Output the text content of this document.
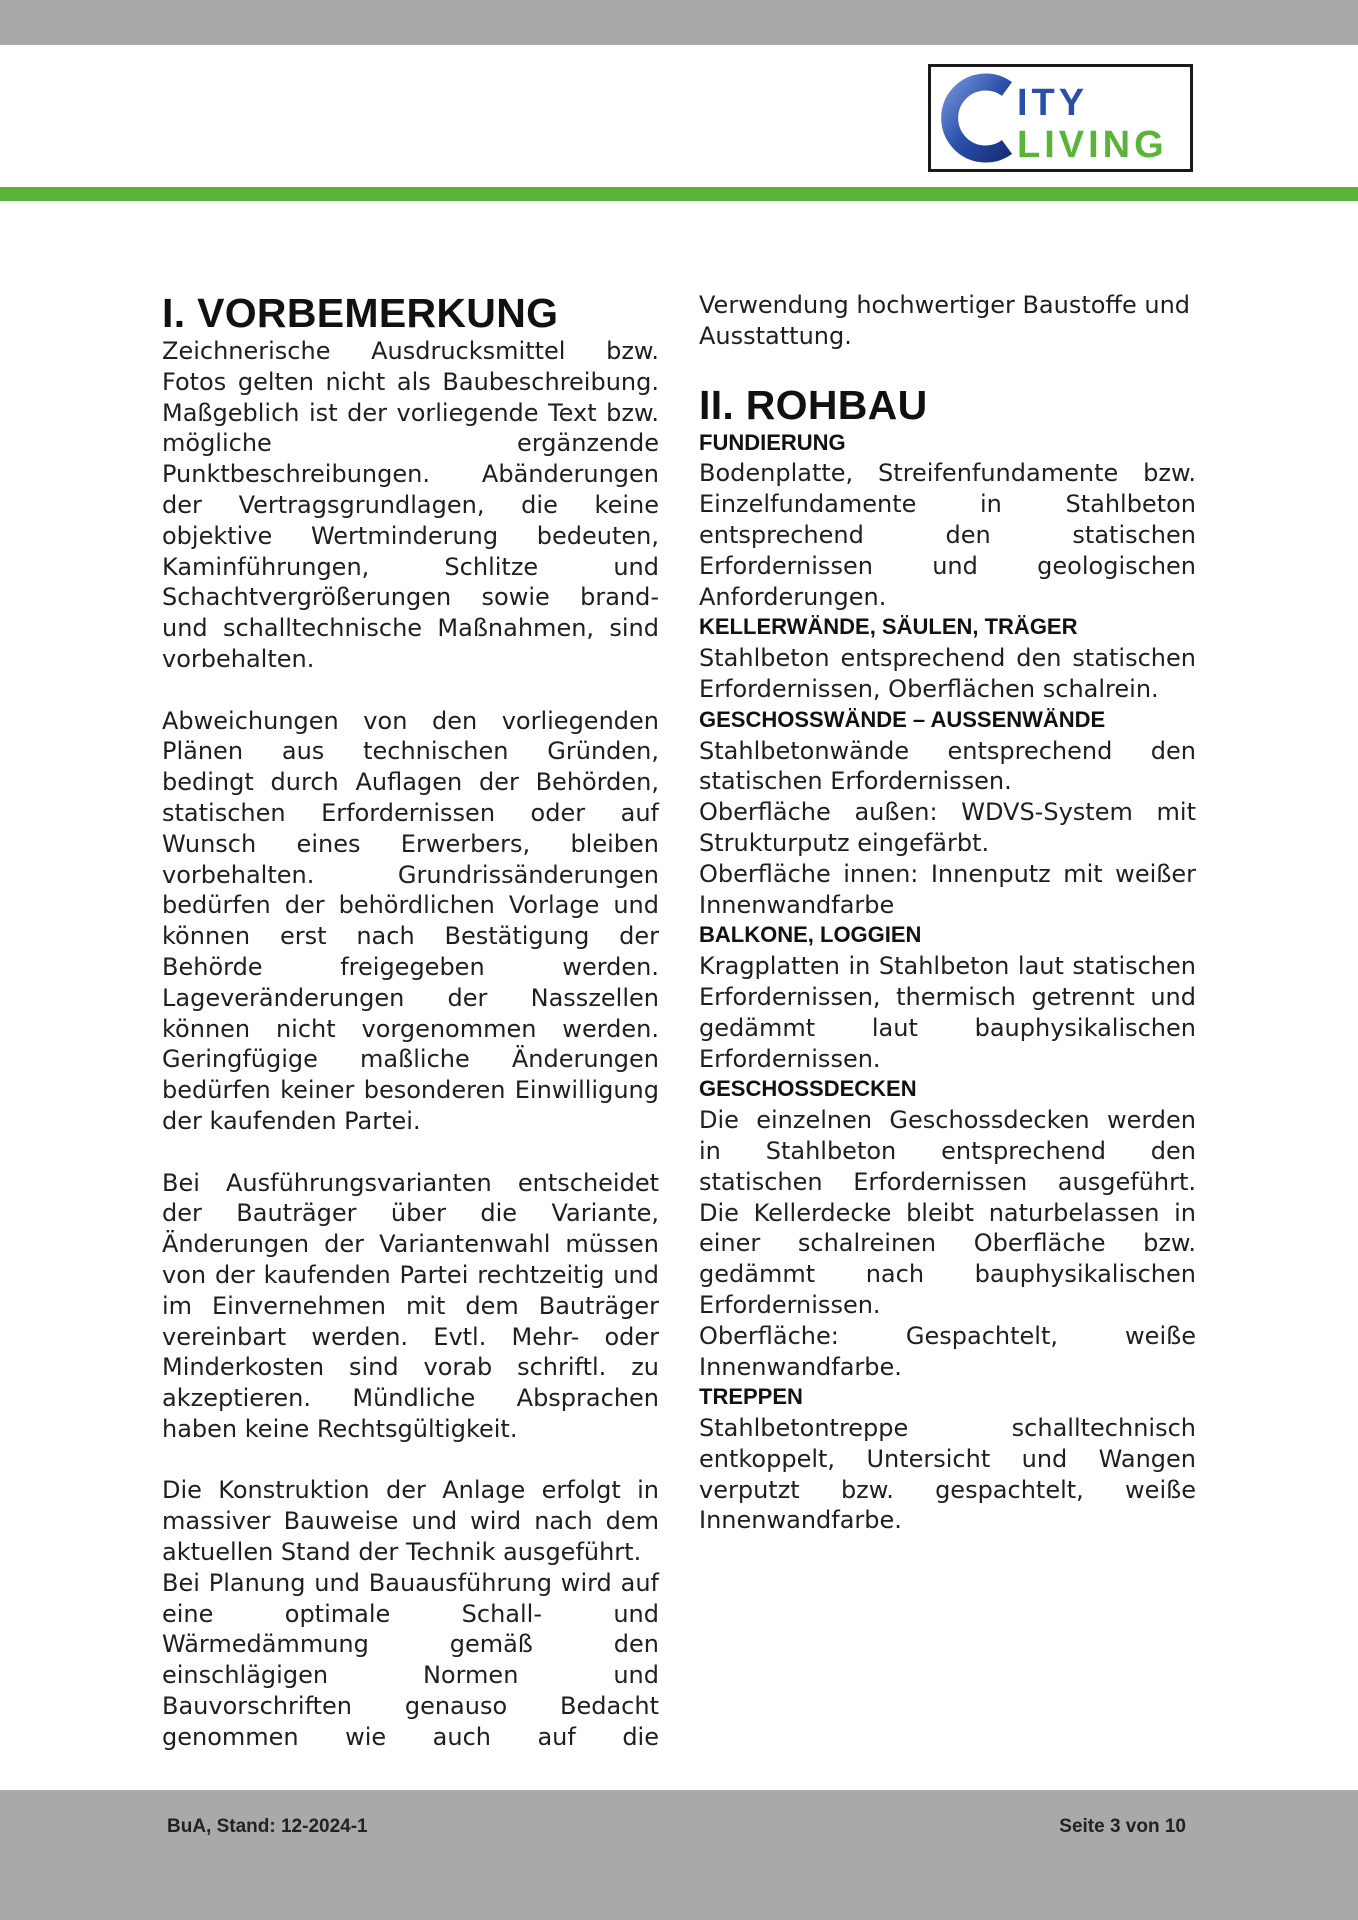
ITY
LIVING
I. VORBEMERKUNG

Zeichnerische Ausdrucksmittel bzw. Fotos gelten nicht als Baubeschreibung. Maßgeblich ist der vorliegende Text bzw. mögliche ergänzende Punktbeschreibungen. Abänderungen der Vertragsgrundlagen, die keine objektive Wertminderung bedeuten, Kaminführungen, Schlitze und Schachtvergrößerungen sowie brand- und schalltechnische Maßnahmen, sind vorbehalten.

Abweichungen von den vorliegenden Plänen aus technischen Gründen, bedingt durch Auflagen der Behörden, statischen Erfordernissen oder auf Wunsch eines Erwerbers, bleiben vorbehalten. Grundrissänderungen bedürfen der behördlichen Vorlage und können erst nach Bestätigung der Behörde freigegeben werden. Lageveränderungen der Nasszellen können nicht vorgenommen werden. Geringfügige maßliche Änderungen bedürfen keiner besonderen Einwilligung der kaufenden Partei.

Bei Ausführungsvarianten entscheidet der Bauträger über die Variante, Änderungen der Variantenwahl müssen von der kaufenden Partei rechtzeitig und im Einvernehmen mit dem Bauträger vereinbart werden. Evtl. Mehr- oder Minderkosten sind vorab schriftl. zu akzeptieren. Mündliche Absprachen haben keine Rechtsgültigkeit.

Die Konstruktion der Anlage erfolgt in massiver Bauweise und wird nach dem aktuellen Stand der Technik ausgeführt.

Bei Planung und Bauausführung wird auf eine optimale Schall- und Wärmedämmung gemäß den einschlägigen Normen und Bauvorschriften genauso Bedacht genommen wie auch auf die

Verwendung hochwertiger Baustoffe und Ausstattung.

II. ROHBAU
FUNDIERUNG

Bodenplatte, Streifenfundamente bzw. Einzelfundamente in Stahlbeton entsprechend den statischen Erfordernissen und geologischen Anforderungen.

KELLERWÄNDE, SÄULEN, TRÄGER

Stahlbeton entsprechend den statischen Erfordernissen, Oberflächen schalrein.

GESCHOSSWÄNDE – AUSSENWÄNDE

Stahlbetonwände entsprechend den statischen Erfordernissen.

Oberfläche außen: WDVS-System mit Strukturputz eingefärbt.

Oberfläche innen: Innenputz mit weißer Innenwandfarbe

BALKONE, LOGGIEN

Kragplatten in Stahlbeton laut statischen Erfordernissen, thermisch getrennt und gedämmt laut bauphysikalischen Erfordernissen.

GESCHOSSDECKEN

Die einzelnen Geschossdecken werden in Stahlbeton entsprechend den statischen Erfordernissen ausgeführt. Die Kellerdecke bleibt naturbelassen in einer schalreinen Oberfläche bzw. gedämmt nach bauphysikalischen Erfordernissen.

Oberfläche: Gespachtelt, weiße Innenwandfarbe.

TREPPEN

Stahlbetontreppe schalltechnisch entkoppelt, Untersicht und Wangen verputzt bzw. gespachtelt, weiße Innenwandfarbe.

BuA, Stand: 12-2024-1	Seite 3 von 10
